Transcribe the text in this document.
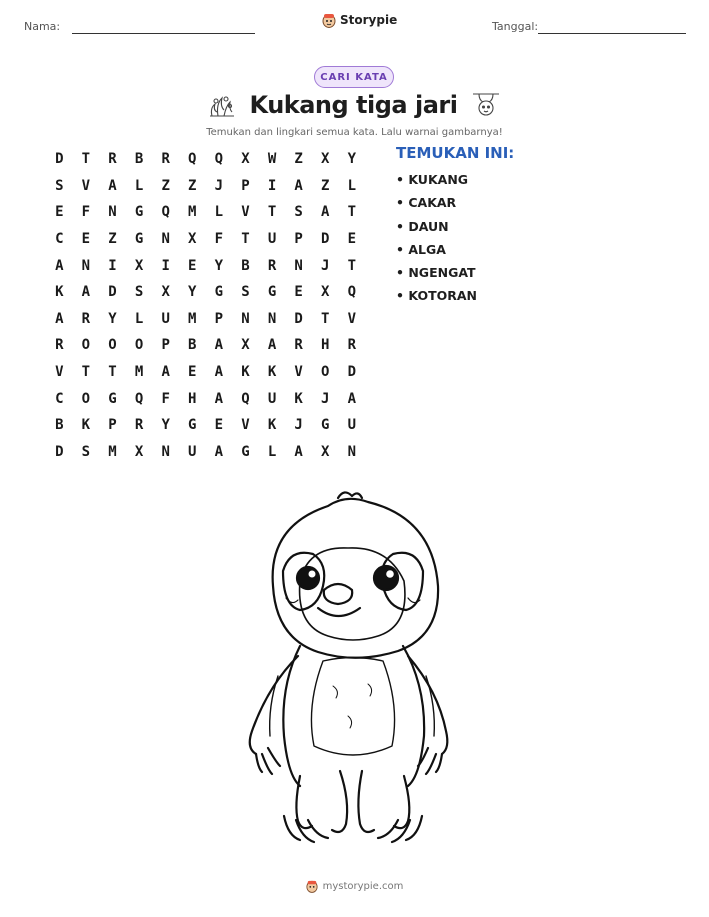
Nama:	Storypie	Tanggal:
CARI KATA
Kukang tiga jari
Temukan dan lingkari semua kata. Lalu warnai gambarnya!
D	T	R	B	R	Q	Q	X	W	Z	X	Y
S	V	A	L	Z	Z	J	P	I	A	Z	L
E	F	N	G	Q	M	L	V	T	S	A	T
C	E	Z	G	N	X	F	T	U	P	D	E
A	N	I	X	I	E	Y	B	R	N	J	T
K	A	D	S	X	Y	G	S	G	E	X	Q
A	R	Y	L	U	M	P	N	N	D	T	V
R	O	O	O	P	B	A	X	A	R	H	R
V	T	T	M	A	E	A	K	K	V	O	D
C	O	G	Q	F	H	A	Q	U	K	J	A
B	K	P	R	Y	G	E	V	K	J	G	U
D	S	M	X	N	U	A	G	L	A	X	N
TEMUKAN INI:
• KUKANG
• CAKAR
• DAUN
• ALGA
• NGENGAT
• KOTORAN
mystorypie.com
